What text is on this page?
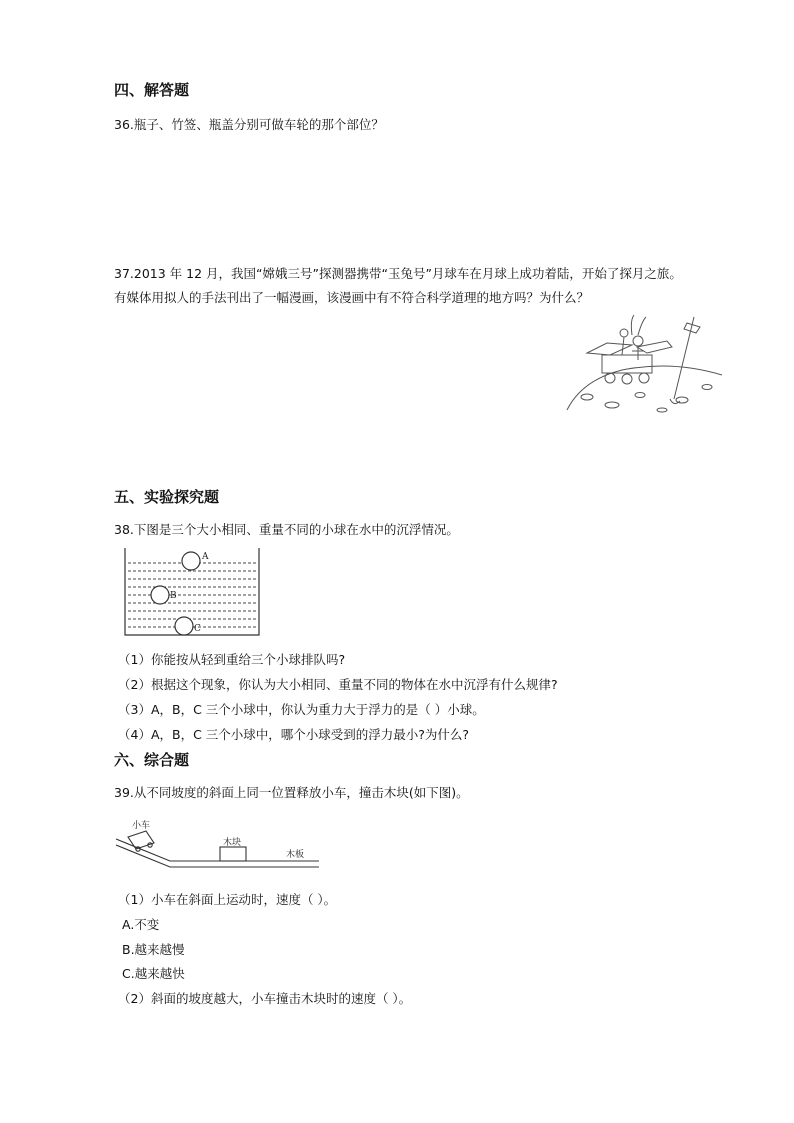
四、解答题
36.瓶子、竹签、瓶盖分别可做车轮的那个部位？
37.2013 年 12 月，我国“嫦娥三号”探测器携带“玉兔号”月球车在月球上成功着陆，开始了探月之旅。
有媒体用拟人的手法刊出了一幅漫画，该漫画中有不符合科学道理的地方吗？为什么？
五、实验探究题
38.下图是三个大小相同、重量不同的小球在水中的沉浮情况。
A
B
C
（1）你能按从轻到重给三个小球排队吗?
（2）根据这个现象，你认为大小相同、重量不同的物体在水中沉浮有什么规律?
（3）A，B，C 三个小球中，你认为重力大于浮力的是（ ）小球。
（4）A，B，C 三个小球中，哪个小球受到的浮力最小?为什么?
六、综合题
39.从不同坡度的斜面上同一位置释放小车，撞击木块(如下图)。
小车
木块
木板
（1）小车在斜面上运动时，速度（ ）。
A.不变
B.越来越慢
C.越来越快
（2）斜面的坡度越大，小车撞击木块时的速度（ ）。
